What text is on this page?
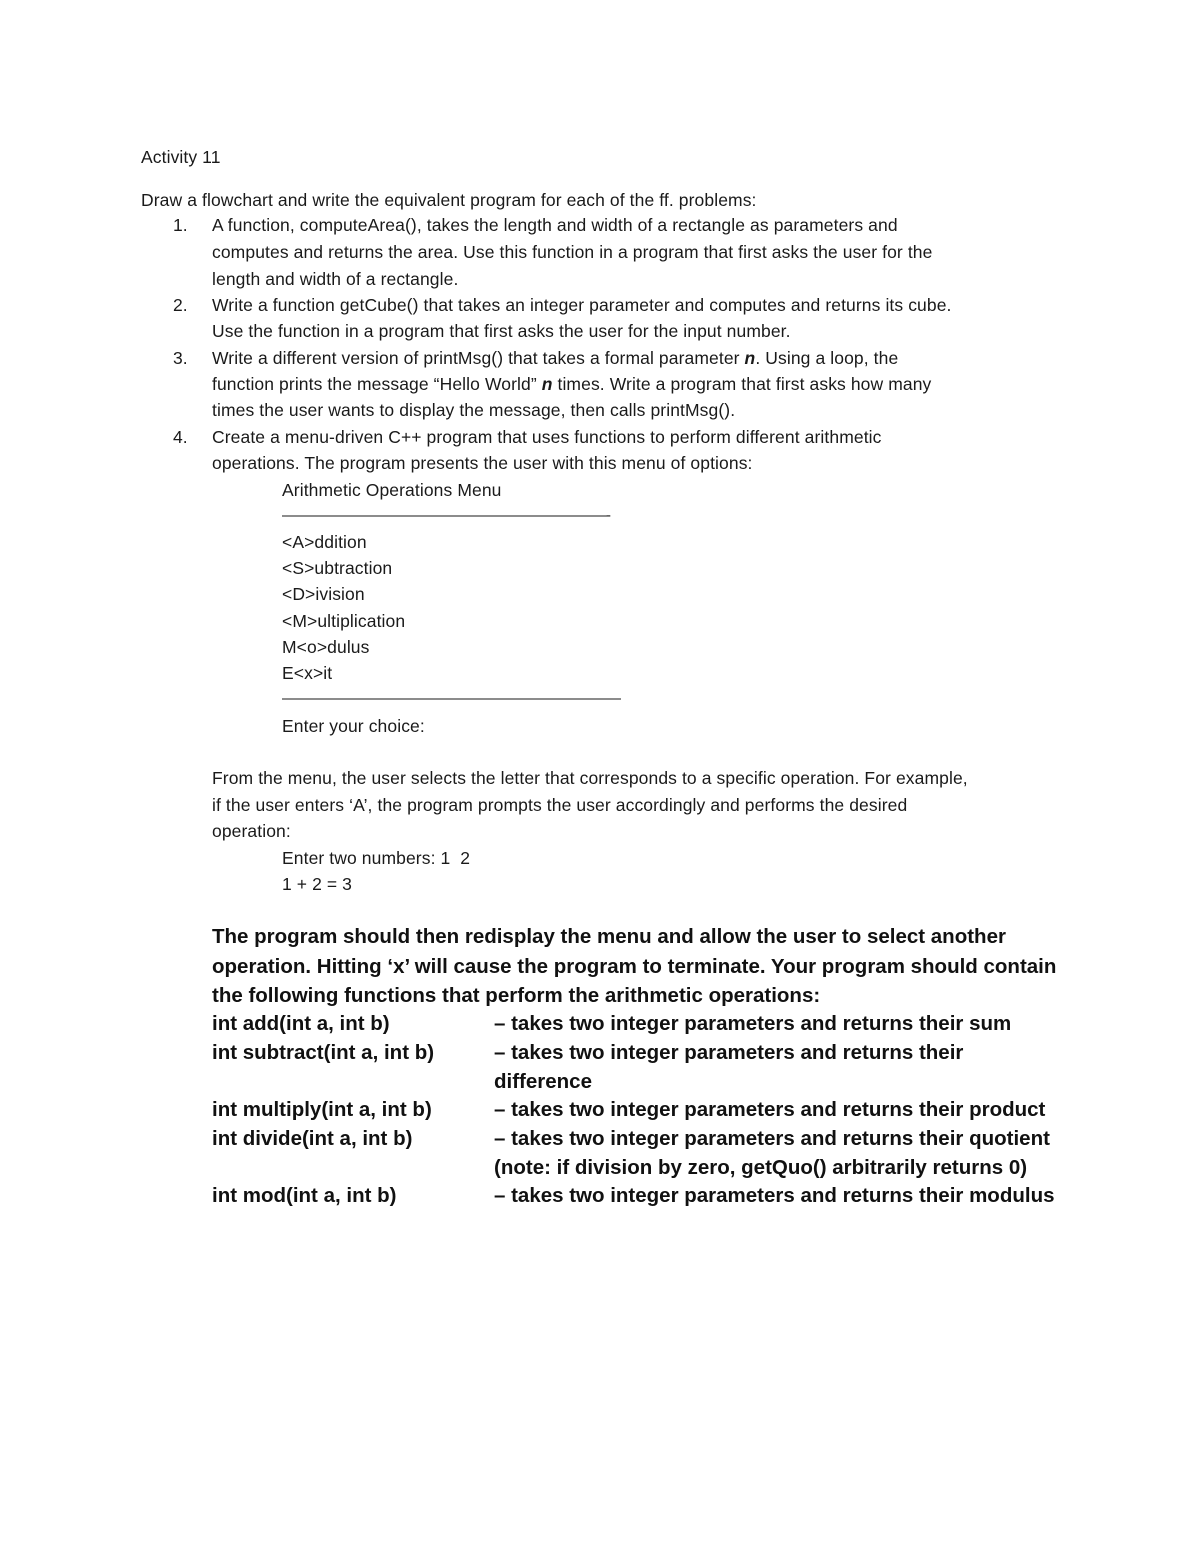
Activity 11
Draw a flowchart and write the equivalent program for each of the ff. problems:
1. A function, computeArea(), takes the length and width of a rectangle as parameters and
computes and returns the area. Use this function in a program that first asks the user for the
length and width of a rectangle.
2. Write a function getCube() that takes an integer parameter and computes and returns its cube.
Use the function in a program that first asks the user for the input number.
3. Write a different version of printMsg() that takes a formal parameter n. Using a loop, the
function prints the message “Hello World” n times. Write a program that first asks how many
times the user wants to display the message, then calls printMsg().
4. Create a menu-driven C++ program that uses functions to perform different arithmetic
operations. The program presents the user with this menu of options:
Arithmetic Operations Menu
———————————————————————————-
<A>ddition
<S>ubtraction
<D>ivision
<M>ultiplication
M<o>dulus
E<x>it
————————————————————————————
Enter your choice:
From the menu, the user selects the letter that corresponds to a specific operation. For example,
if the user enters ‘A’, the program prompts the user accordingly and performs the desired
operation:
Enter two numbers: 1  2
1 + 2 = 3
The program should then redisplay the menu and allow the user to select another
operation. Hitting ‘x’ will cause the program to terminate. Your program should contain
the following functions that perform the arithmetic operations:
int add(int a, int b)	– takes two integer parameters and returns their sum
int subtract(int a, int b)	– takes two integer parameters and returns their
difference
int multiply(int a, int b)	– takes two integer parameters and returns their product
int divide(int a, int b)	– takes two integer parameters and returns their quotient
(note: if division by zero, getQuo() arbitrarily returns 0)
int mod(int a, int b)	– takes two integer parameters and returns their modulus
